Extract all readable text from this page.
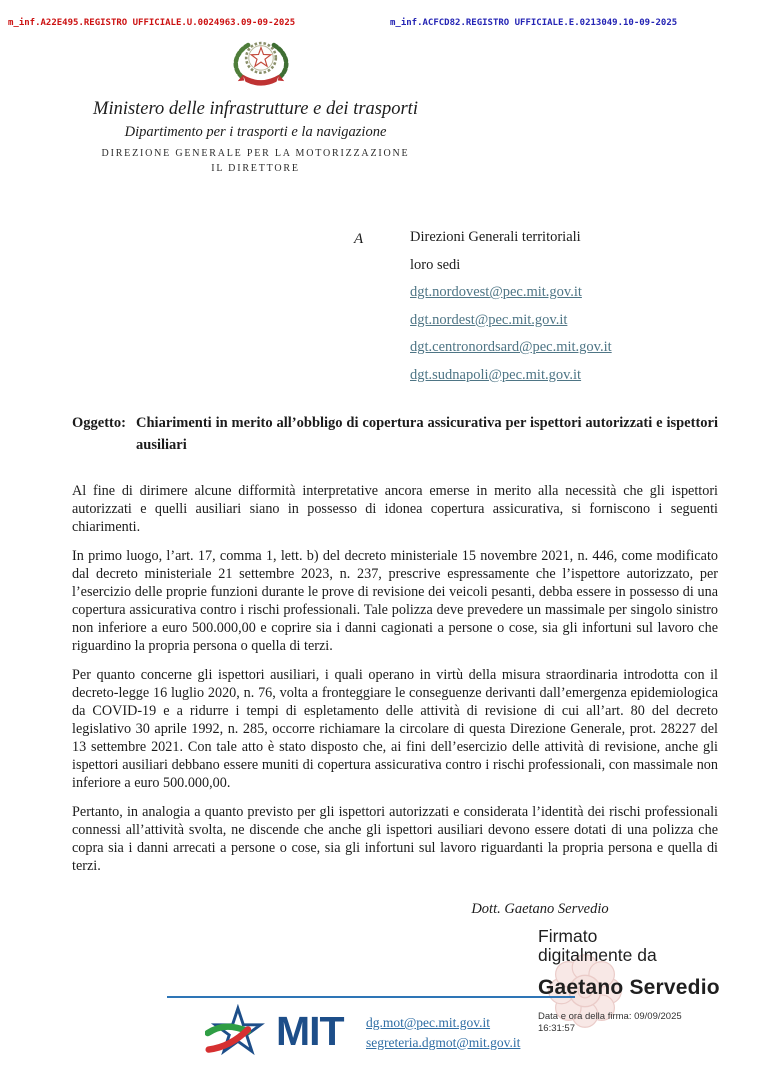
m_inf.A22E495.REGISTRO UFFICIALE.U.0024963.09-09-2025	m_inf.ACFCD82.REGISTRO UFFICIALE.E.0213049.10-09-2025
Ministero delle infrastrutture e dei trasporti
Dipartimento per i trasporti e la navigazione
DIREZIONE GENERALE PER LA MOTORIZZAZIONE
IL DIRETTORE
A	Direzioni Generali territoriali
loro sedi
dgt.nordovest@pec.mit.gov.it
dgt.nordest@pec.mit.gov.it
dgt.centronordsard@pec.mit.gov.it
dgt.sudnapoli@pec.mit.gov.it
Oggetto: Chiarimenti in merito all’obbligo di copertura assicurativa per ispettori autorizzati e ispettori ausiliari

Al fine di dirimere alcune difformità interpretative ancora emerse in merito alla necessità che gli ispettori autorizzati e quelli ausiliari siano in possesso di idonea copertura assicurativa, si forniscono i seguenti chiarimenti.

In primo luogo, l’art. 17, comma 1, lett. b) del decreto ministeriale 15 novembre 2021, n. 446, come modificato dal decreto ministeriale 21 settembre 2023, n. 237, prescrive espressamente che l’ispettore autorizzato, per l’esercizio delle proprie funzioni durante le prove di revisione dei veicoli pesanti, debba essere in possesso di una copertura assicurativa contro i rischi professionali. Tale polizza deve prevedere un massimale per singolo sinistro non inferiore a euro 500.000,00 e coprire sia i danni cagionati a persone o cose, sia gli infortuni sul lavoro che riguardino la propria persona o quella di terzi.

Per quanto concerne gli ispettori ausiliari, i quali operano in virtù della misura straordinaria introdotta con il decreto-legge 16 luglio 2020, n. 76, volta a fronteggiare le conseguenze derivanti dall’emergenza epidemiologica da COVID-19 e a ridurre i tempi di espletamento delle attività di revisione di cui all’art. 80 del decreto legislativo 30 aprile 1992, n. 285, occorre richiamare la circolare di questa Direzione Generale, prot. 28227 del 13 settembre 2021. Con tale atto è stato disposto che, ai fini dell’esercizio delle attività di revisione, anche gli ispettori ausiliari debbano essere muniti di copertura assicurativa contro i rischi professionali, con massimale non inferiore a euro 500.000,00.

Pertanto, in analogia a quanto previsto per gli ispettori autorizzati e considerata l’identità dei rischi professionali connessi all’attività svolta, ne discende che anche gli ispettori ausiliari devono essere dotati di una polizza che copra sia i danni arrecati a persone o cose, sia gli infortuni sul lavoro riguardanti la propria persona e quella di terzi.

Dott. Gaetano Servedio
Firmato digitalmente da
Gaetano Servedio
Data e ora della firma: 09/09/2025 16:31:57
MIT dg.mot@pec.mit.gov.it
segreteria.dgmot@mit.gov.it
